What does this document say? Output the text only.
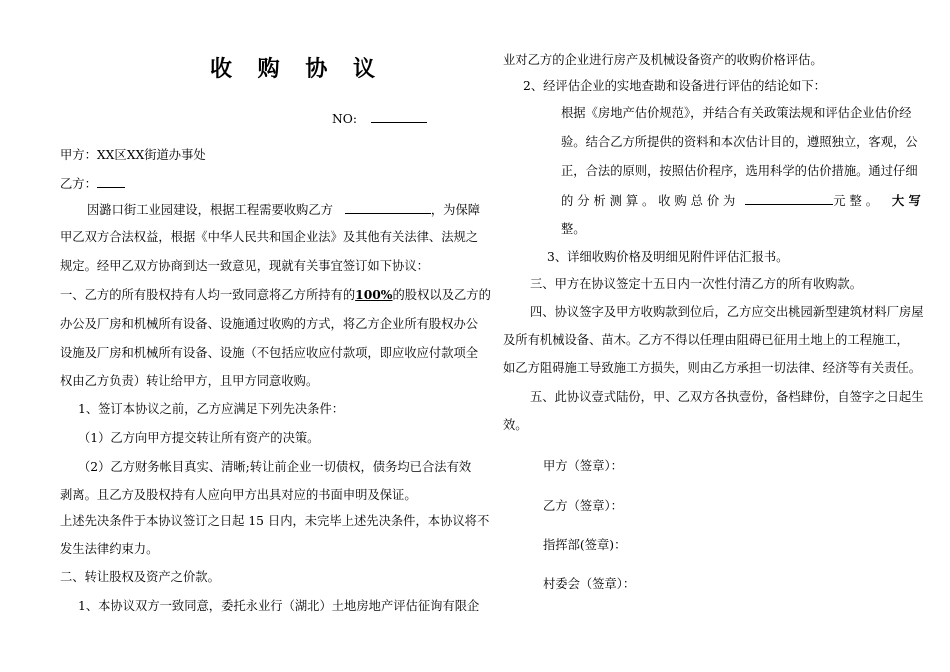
收 购 协 议
NO:
甲方：XX区XX街道办事处
乙方：
因潞口街工业园建设，根据工程需要收购乙方	，为保障
甲乙双方合法权益，根据《中华人民共和国企业法》及其他有关法律、法规之
规定。经甲乙双方协商到达一致意见，现就有关事宜签订如下协议：
一、乙方的所有股权持有人均一致同意将乙方所持有的100%的股权以及乙方的
办公及厂房和机械所有设备、设施通过收购的方式，将乙方企业所有股权办公
设施及厂房和机械所有设备、设施（不包括应收应付款项，即应收应付款项全
权由乙方负责）转让给甲方，且甲方同意收购。
1、签订本协议之前，乙方应满足下列先决条件：
（1）乙方向甲方提交转让所有资产的决策。
（2）乙方财务帐目真实、清晰;转让前企业一切债权，债务均已合法有效
剥离。且乙方及股权持有人应向甲方出具对应的书面申明及保证。
上述先决条件于本协议签订之日起 15 日内，未完毕上述先决条件，本协议将不
发生法律约束力。
二、转让股权及资产之价款。
1、本协议双方一致同意，委托永业行（湖北）土地房地产评估征询有限企
业对乙方的企业进行房产及机械设备资产的收购价格评估。
2、经评估企业的实地查勘和设备进行评估的结论如下：
根据《房地产估价规范》，并结合有关政策法规和评估企业估价经
验。结合乙方所提供的资料和本次估计目的，遵照独立，客观，公
正，合法的原则，按照估价程序，选用科学的估价措施。通过仔细
的 分 析 测 算 。 收 购 总 价 为	元 整 。 大 写
整。
3、详细收购价格及明细见附件评估汇报书。
三、甲方在协议签定十五日内一次性付清乙方的所有收购款。
四、协议签字及甲方收购款到位后，乙方应交出桃园新型建筑材料厂房屋
及所有机械设备、苗木。乙方不得以任理由阻碍已征用土地上的工程施工，
如乙方阻碍施工导致施工方损失，则由乙方承担一切法律、经济等有关责任。
五、此协议壹式陆份，甲、乙双方各执壹份，备档肆份，自签字之日起生
效。
甲方（签章）：
乙方（签章）：
指挥部(签章)：
村委会（签章）：
